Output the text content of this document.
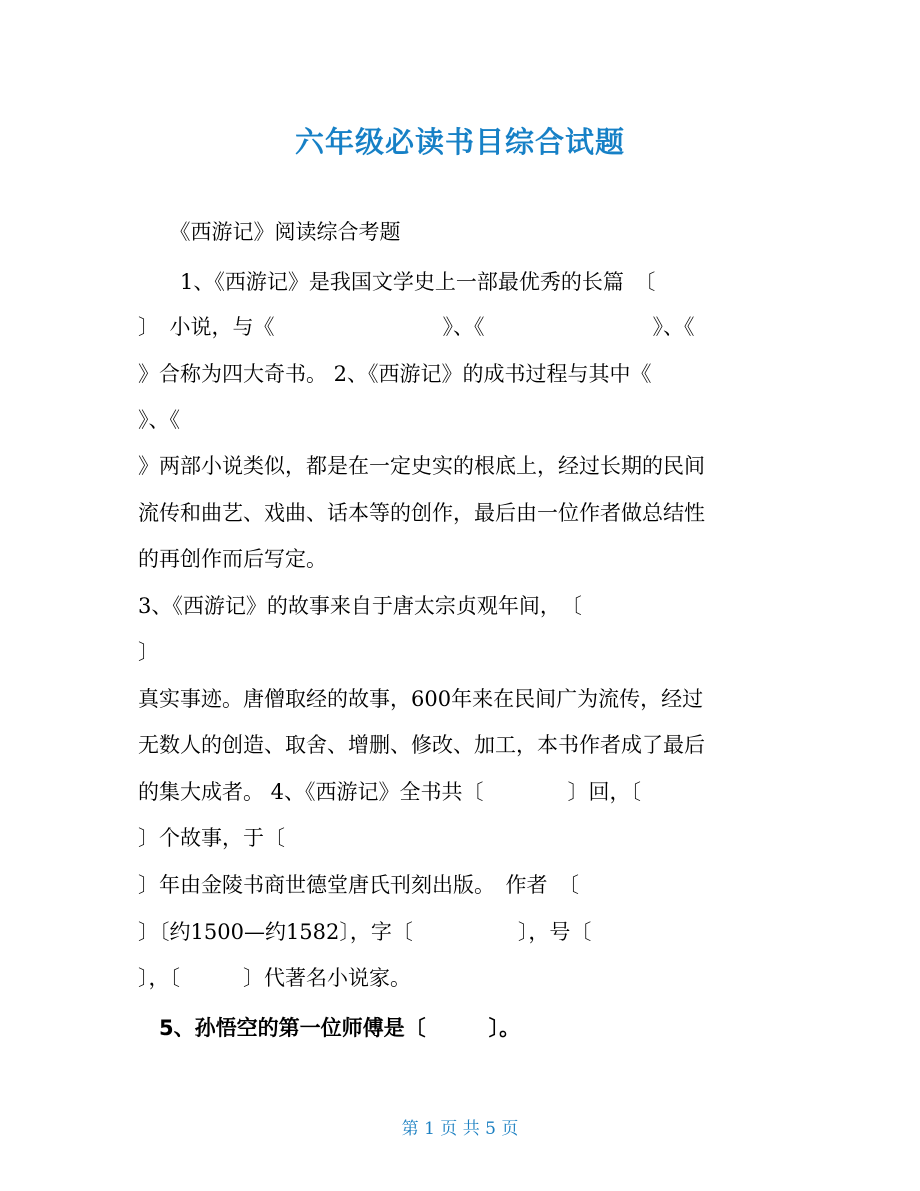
六年级必读书目综合试题
　　《西游记》阅读综合考题
　　1、《西游记》是我国文学史上一部最优秀的长篇　〔
〕　小说，与《　　　　　　　　》、《　　　　　　　　》、《
》合称为四大奇书。 2、《西游记》的成书过程与其中《
》、《
》两部小说类似，都是在一定史实的根底上，经过长期的民间
流传和曲艺、戏曲、话本等的创作，最后由一位作者做总结性
的再创作而后写定。
3、《西游记》的故事来自于唐太宗贞观年间，　〔
〕
真实事迹。唐僧取经的故事，600年来在民间广为流传，经过
无数人的创造、取舍、增删、修改、加工，本书作者成了最后
的集大成者。 4、《西游记》全书共〔　　　　〕回，〔
〕个故事，于〔
〕年由金陵书商世德堂唐氏刊刻出版。　作者　〔
〕〔约1500—约1582〕，字〔　　　　　〕，号〔
〕，〔　　　〕代著名小说家。
　5、孙悟空的第一位师傅是〔　　　〕。
第 1 页 共 5 页
